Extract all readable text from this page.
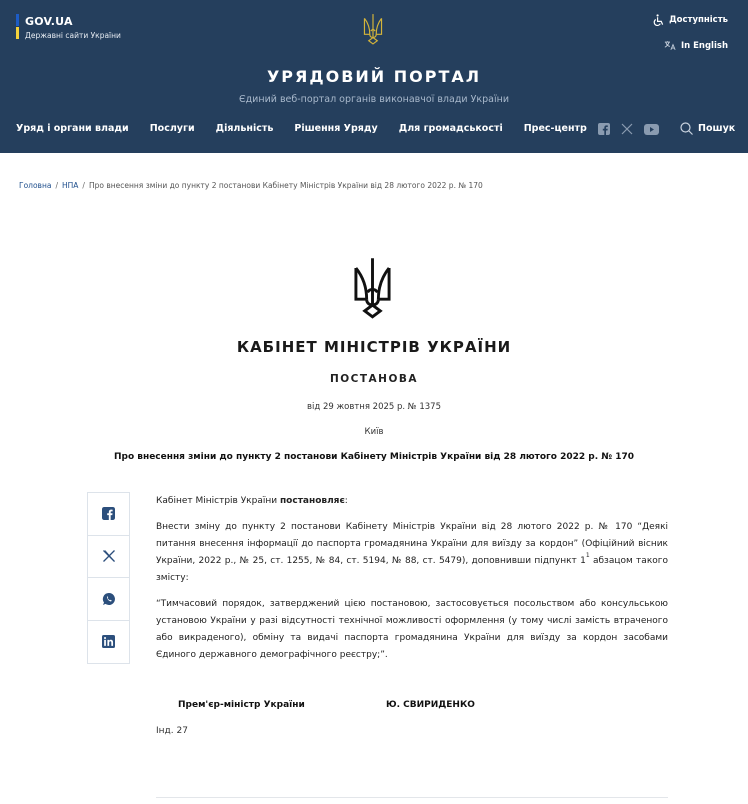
GOV.UA
Державні сайти України
Доступність
In English
УРЯДОВИЙ ПОРТАЛ
Єдиний веб-портал органів виконавчої влади України
Уряд і органи влади Послуги Діяльність Рішення Уряду Для громадськості Прес-центр	Пошук
Головна / НПА / Про внесення зміни до пункту 2 постанови Кабінету Міністрів України від 28 лютого 2022 р. № 170
КАБІНЕТ МІНІСТРІВ УКРАЇНИ
ПОСТАНОВА
від 29 жовтня 2025 р. № 1375
Київ
Про внесення зміни до пункту 2 постанови Кабінету Міністрів України від 28 лютого 2022 р. № 170

Кабінет Міністрів України постановляє:

Внести зміну до пункту 2 постанови Кабінету Міністрів України від 28 лютого 2022 р. № 170 “Деякі питання внесення інформації до паспорта громадянина України для виїзду за кордон” (Офіційний вісник України, 2022 р., № 25, ст. 1255, № 84, ст. 5194, № 88, ст. 5479), доповнивши підпункт $1^1$ абзацом такого змісту:

“Тимчасовий порядок, затверджений цією постановою, застосовується посольством або консульською установою України у разі відсутності технічної можливості оформлення (у тому числі замість втраченого або викраденого), обміну та видачі паспорта громадянина України для виїзду за кордон засобами Єдиного державного демографічного реєстру;”.

Прем'єр-міністр України	Ю. СВИРИДЕНКО
Інд. 27
